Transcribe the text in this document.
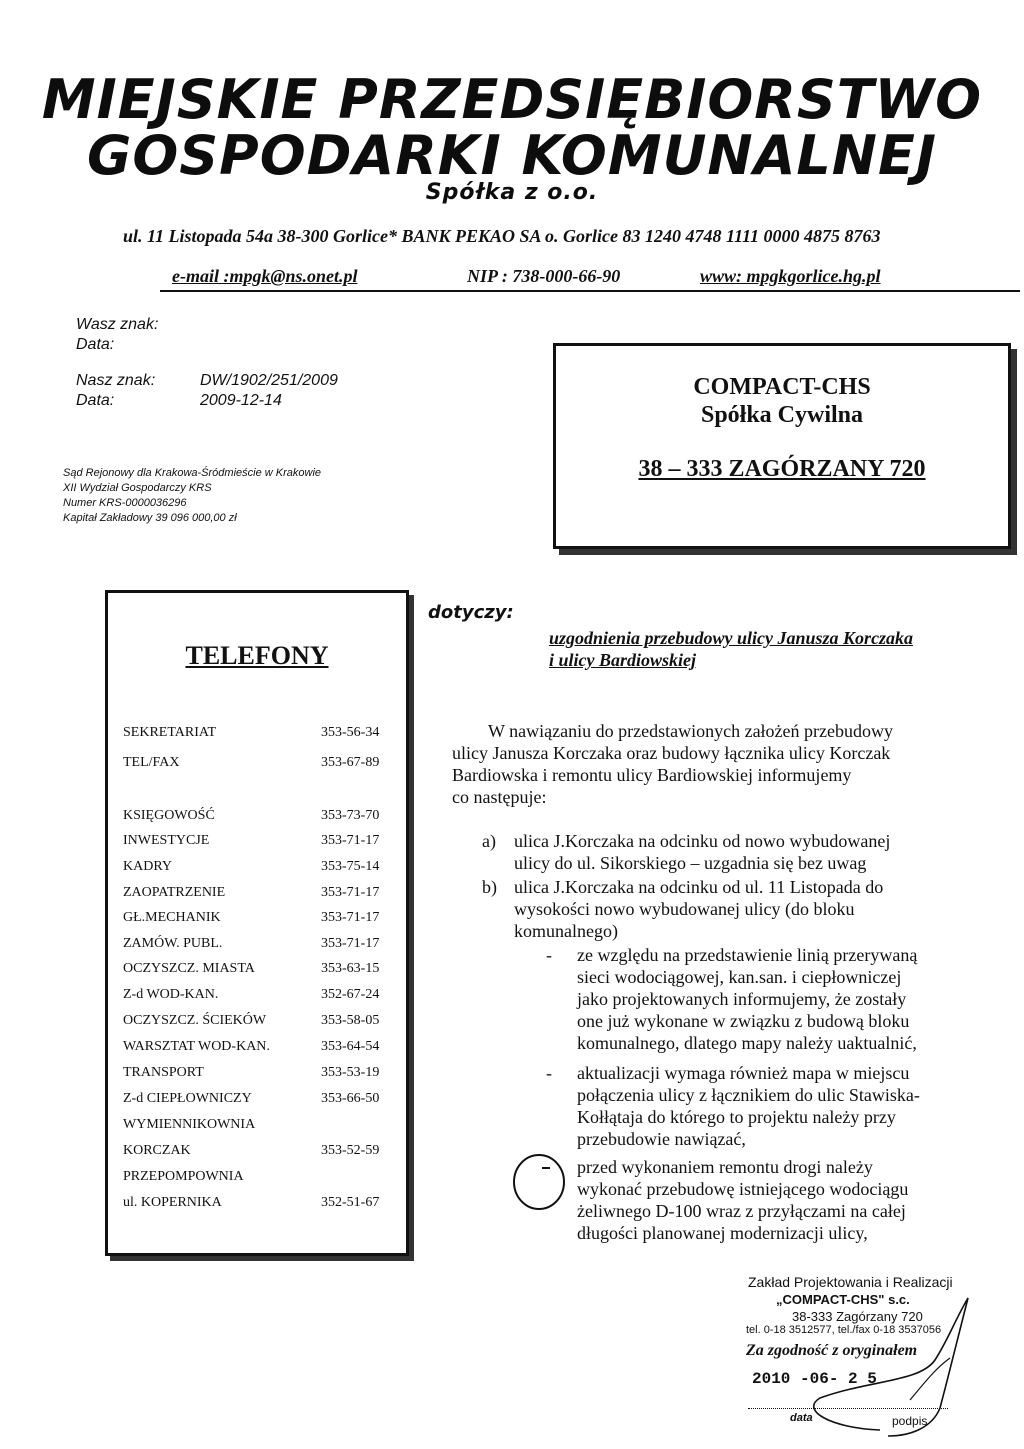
MIEJSKIE PRZEDSIĘBIORSTWO
GOSPODARKI KOMUNALNEJ
Spółka z o.o.
ul. 11 Listopada 54a 38-300 Gorlice* BANK PEKAO SA o. Gorlice 83 1240 4748 1111 0000 4875 8763
e-mail :mpgk@ns.onet.pl	NIP : 738-000-66-90	www: mpgkgorlice.hg.pl
Wasz znak:
Data:
Nasz znak:	DW/1902/251/2009
Data:	2009-12-14
Sąd Rejonowy dla Krakowa-Śródmieście w Krakowie
XII Wydział Gospodarczy KRS
Numer KRS-0000036296
Kapitał Zakładowy 39 096 000,00 zł
COMPACT-CHS
Spółka Cywilna
38 – 333 ZAGÓRZANY 720
TELEFONY
SEKRETARIAT	353-56-34
TEL/FAX	353-67-89
KSIĘGOWOŚĆ	353-73-70
INWESTYCJE	353-71-17
KADRY	353-75-14
ZAOPATRZENIE	353-71-17
GŁ.MECHANIK	353-71-17
ZAMÓW. PUBL.	353-71-17
OCZYSZCZ. MIASTA	353-63-15
Z-d WOD-KAN.	352-67-24
OCZYSZCZ. ŚCIEKÓW	353-58-05
WARSZTAT WOD-KAN.	353-64-54
TRANSPORT	353-53-19
Z-d CIEPŁOWNICZY	353-66-50
WYMIENNIKOWNIA
KORCZAK	353-52-59
PRZEPOMPOWNIA
ul. KOPERNIKA	352-51-67
dotyczy:
uzgodnienia przebudowy ulicy Janusza Korczaka
i ulicy Bardiowskiej
W nawiązaniu do przedstawionych założeń przebudowy
ulicy Janusza Korczaka oraz budowy łącznika ulicy Korczak
Bardiowska i remontu ulicy Bardiowskiej informujemy
co następuje:
a) ulica J.Korczaka na odcinku od nowo wybudowanej
ulicy do ul. Sikorskiego – uzgadnia się bez uwag
b) ulica J.Korczaka na odcinku od ul. 11 Listopada do
wysokości nowo wybudowanej ulicy (do bloku
komunalnego)
- ze względu na przedstawienie linią przerywaną
sieci wodociągowej, kan.san. i ciepłowniczej
jako projektowanych informujemy, że zostały
one już wykonane w związku z budową bloku
komunalnego, dlatego mapy należy uaktualnić,
- aktualizacji wymaga również mapa w miejscu
połączenia ulicy z łącznikiem do ulic Stawiska-
Kołłątaja do którego to projektu należy przy
przebudowie nawiązać,
przed wykonaniem remontu drogi należy
wykonać przebudowę istniejącego wodociągu
żeliwnego D-100 wraz z przyłączami na całej
długości planowanej modernizacji ulicy,
Zakład Projektowania i Realizacji
„COMPACT-CHS" s.c.
38-333 Zagórzany 720
tel. 0-18 3512577, tel./fax 0-18 3537056
Za zgodność z oryginałem
2010 -06- 2 5
data	podpis
